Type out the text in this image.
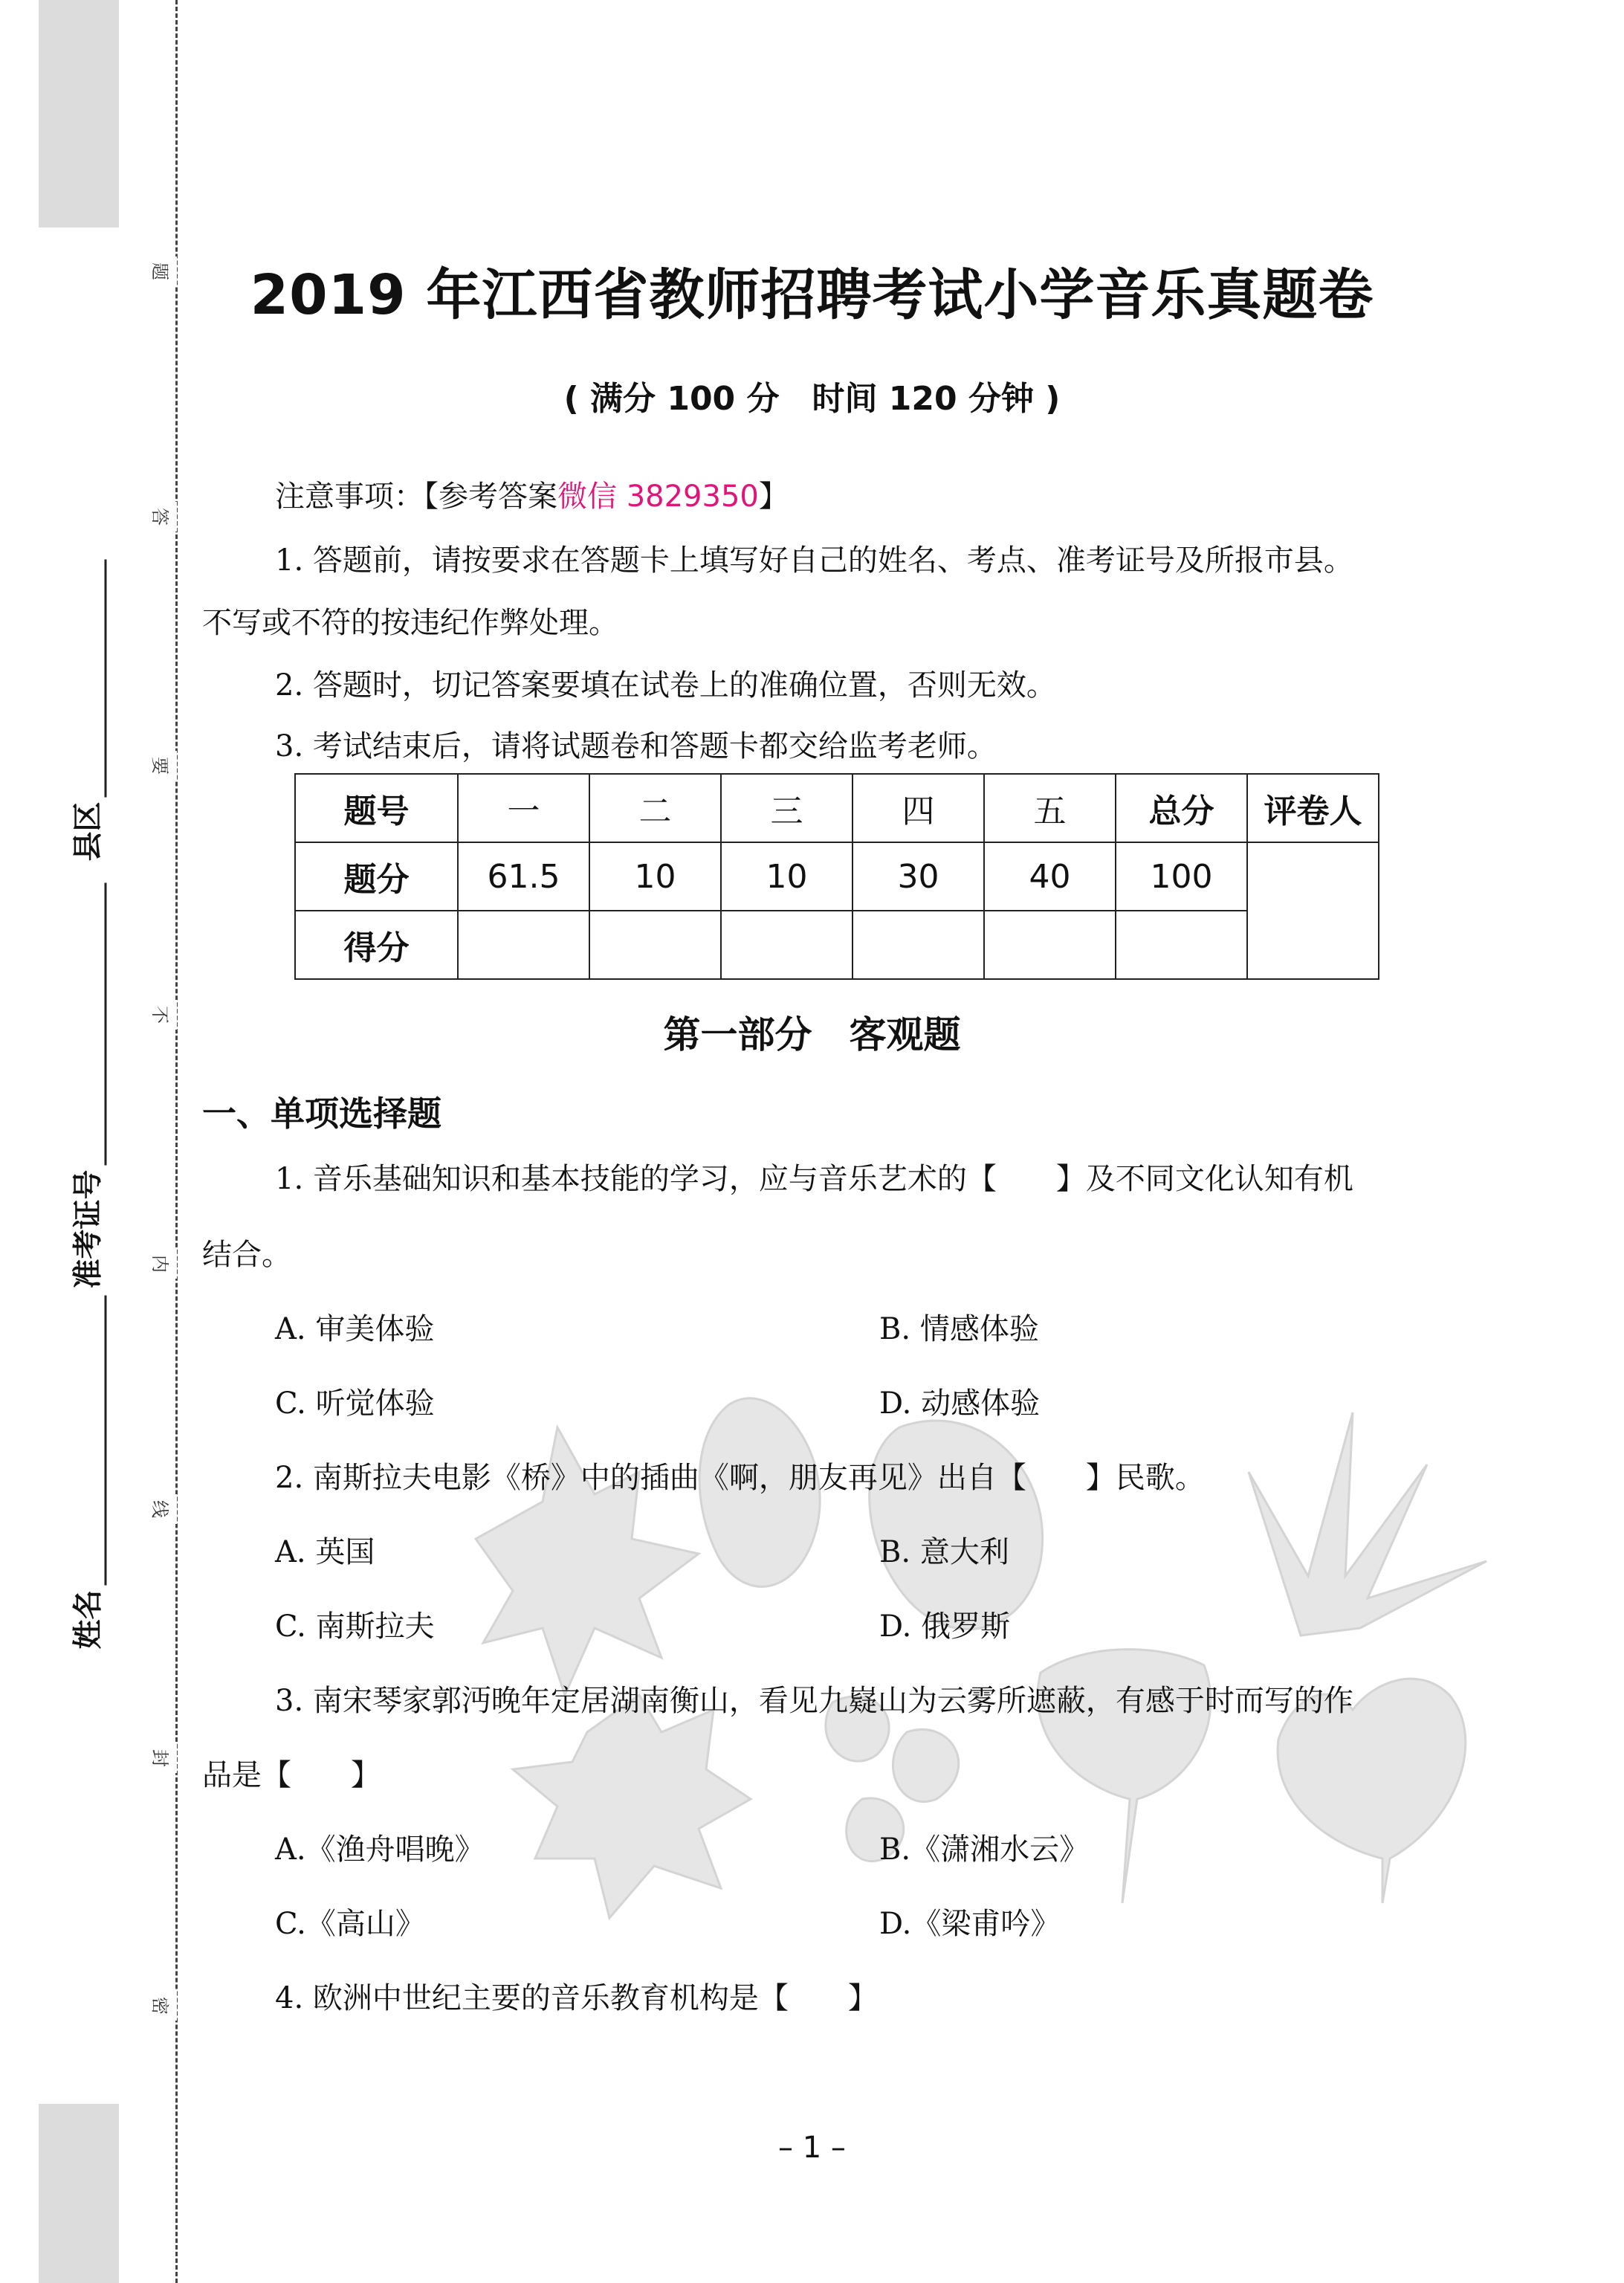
题
答
要
不
内
线
封
密
县区
准考证号
姓名
2019 年江西省教师招聘考试小学音乐真题卷
( 满分 100 分　时间 120 分钟 )
注意事项：【参考答案微信 3829350】
1. 答题前，请按要求在答题卡上填写好自己的姓名、考点、准考证号及所报市县。
不写或不符的按违纪作弊处理。
2. 答题时，切记答案要填在试卷上的准确位置，否则无效。
3. 考试结束后，请将试题卷和答题卡都交给监考老师。
题号	一	二	三	四	五	总分	评卷人
题分	61.5	10	10	30	40	100	
得分							
第一部分　客观题
一、单项选择题
1. 音乐基础知识和基本技能的学习，应与音乐艺术的【　　】及不同文化认知有机
结合。
A. 审美体验	B. 情感体验
C. 听觉体验	D. 动感体验
2. 南斯拉夫电影《桥》中的插曲《啊，朋友再见》出自【　　】民歌。
A. 英国	B. 意大利
C. 南斯拉夫	D. 俄罗斯
3. 南宋琴家郭沔晚年定居湖南衡山，看见九嶷山为云雾所遮蔽，有感于时而写的作
品是【　　】
A.《渔舟唱晚》	B.《潇湘水云》
C.《高山》	D.《梁甫吟》
4. 欧洲中世纪主要的音乐教育机构是【　　】
– 1 –
